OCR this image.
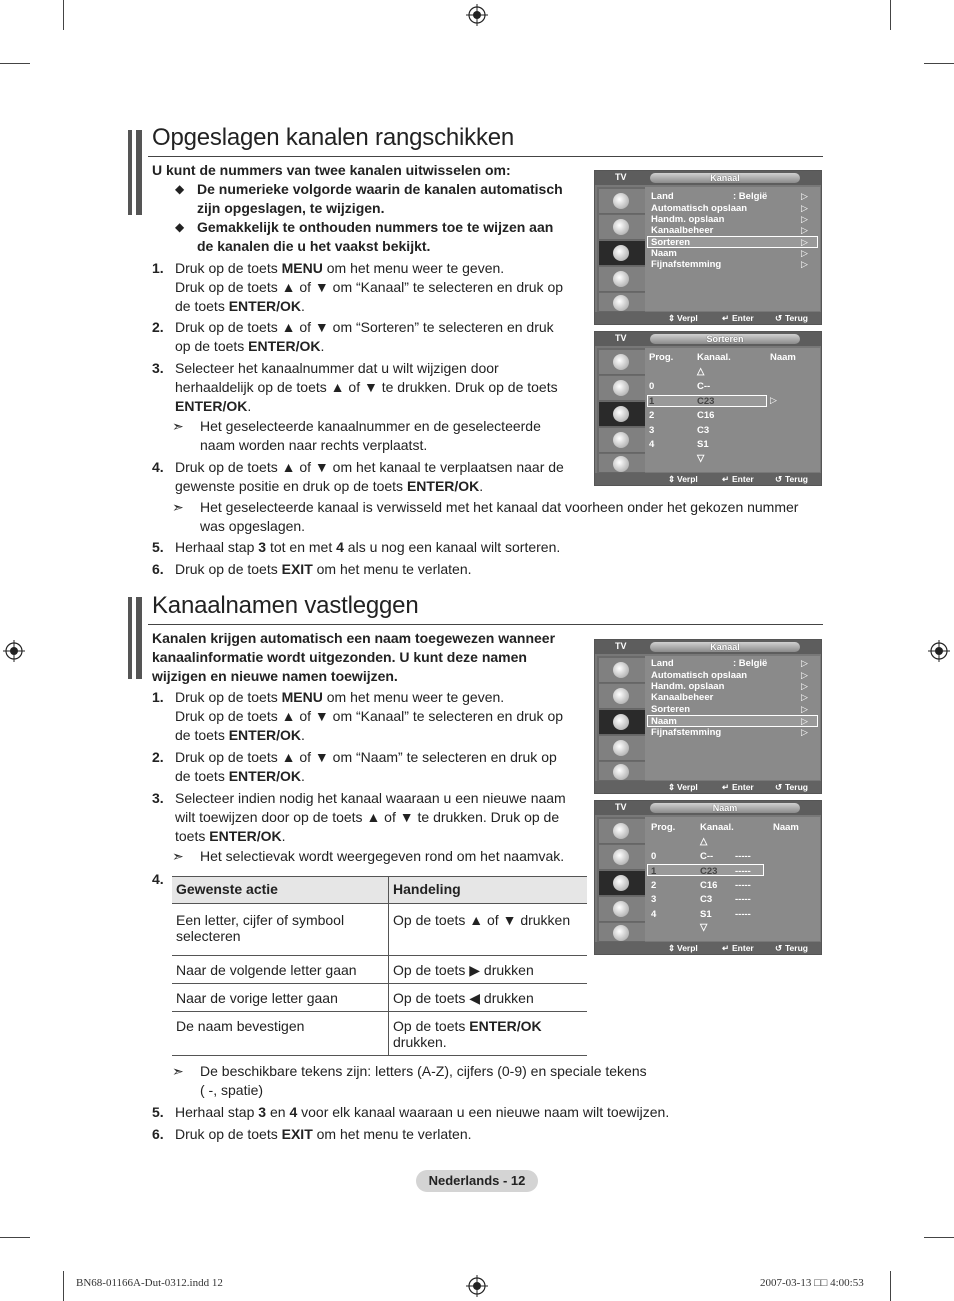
Opgeslagen kanalen rangschikken
U kunt de nummers van twee kanalen uitwisselen om:
◆ De numerieke volgorde waarin de kanalen automatisch
zijn opgeslagen, te wijzigen.
◆ Gemakkelijk te onthouden nummers toe te wijzen aan
de kanalen die u het vaakst bekijkt.
1. Druk op de toets MENU om het menu weer te geven.
Druk op de toets ▲ of ▼ om “Kanaal” te selecteren en druk op
de toets ENTER/OK.
2. Druk op de toets ▲ of ▼ om “Sorteren” te selecteren en druk
op de toets ENTER/OK.
3. Selecteer het kanaalnummer dat u wilt wijzigen door
herhaaldelijk op de toets ▲ of ▼ te drukken. Druk op de toets
ENTER/OK.
➣ Het geselecteerde kanaalnummer en de geselecteerde
naam worden naar rechts verplaatst.
4. Druk op de toets ▲ of ▼ om het kanaal te verplaatsen naar de
gewenste positie en druk op de toets ENTER/OK.
➣ Het geselecteerde kanaal is verwisseld met het kanaal dat voorheen onder het gekozen nummer
was opgeslagen.
5. Herhaal stap 3 tot en met 4 als u nog een kanaal wilt sorteren.
6. Druk op de toets EXIT om het menu te verlaten.
Kanaalnamen vastleggen
Kanalen krijgen automatisch een naam toegewezen wanneer
kanaalinformatie wordt uitgezonden. U kunt deze namen
wijzigen en nieuwe namen toewijzen.
1. Druk op de toets MENU om het menu weer te geven.
Druk op de toets ▲ of ▼ om “Kanaal” te selecteren en druk op
de toets ENTER/OK.
2. Druk op de toets ▲ of ▼ om “Naam” te selecteren en druk op
de toets ENTER/OK.
3. Selecteer indien nodig het kanaal waaraan u een nieuwe naam
wilt toewijzen door op de toets ▲ of ▼ te drukken. Druk op de
toets ENTER/OK.
➣ Het selectievak wordt weergegeven rond om het naamvak.
4.
Gewenste actie	Handeling

Een letter, cijfer of symbool
selecteren	Op de toets ▲ of ▼ drukken

Naar de volgende letter gaan	Op de toets ▶ drukken
Naar de vorige letter gaan	Op de toets ◀ drukken
De naam bevestigen	Op de toets ENTER/OK
drukken.
➣ De beschikbare tekens zijn: letters (A-Z), cijfers (0-9) en speciale tekens
( -, spatie)
5. Herhaal stap 3 en 4 voor elk kanaal waaraan u een nieuwe naam wilt toewijzen.
6. Druk op de toets EXIT om het menu te verlaten.
TV	Kanaal
Land	: België
Automatisch opslaan
Handm. opslaan
Kanaalbeheer
Sorteren
Naam
Fijnafstemming
▷
▷
▷
▷
▷
▷
▷
⇕ Verpl	↵ Enter	↺ Terug
TV	Sorteren
Prog. Kanaal.	Naam
△
▷
0	C--
1	C23
2	C16
3	C3
4	S1
▽
⇕ Verpl	↵ Enter	↺ Terug
TV	Kanaal
Land	: België
Automatisch opslaan
Handm. opslaan
Kanaalbeheer
Sorteren
Naam
Fijnafstemming
▷
▷
▷
▷
▷
▷
▷
⇕ Verpl	↵ Enter	↺ Terug
TV	Naam
Prog.	Kanaal.	Naam
△
0	C-- -----
1	C23 -----
2	C16 -----
3	C3 -----
4	S1 -----
▽
⇕ Verpl	↵ Enter	↺ Terug
Nederlands - 12
BN68-01166A-Dut-0312.indd 12	2007-03-13 □□ 4:00:53
